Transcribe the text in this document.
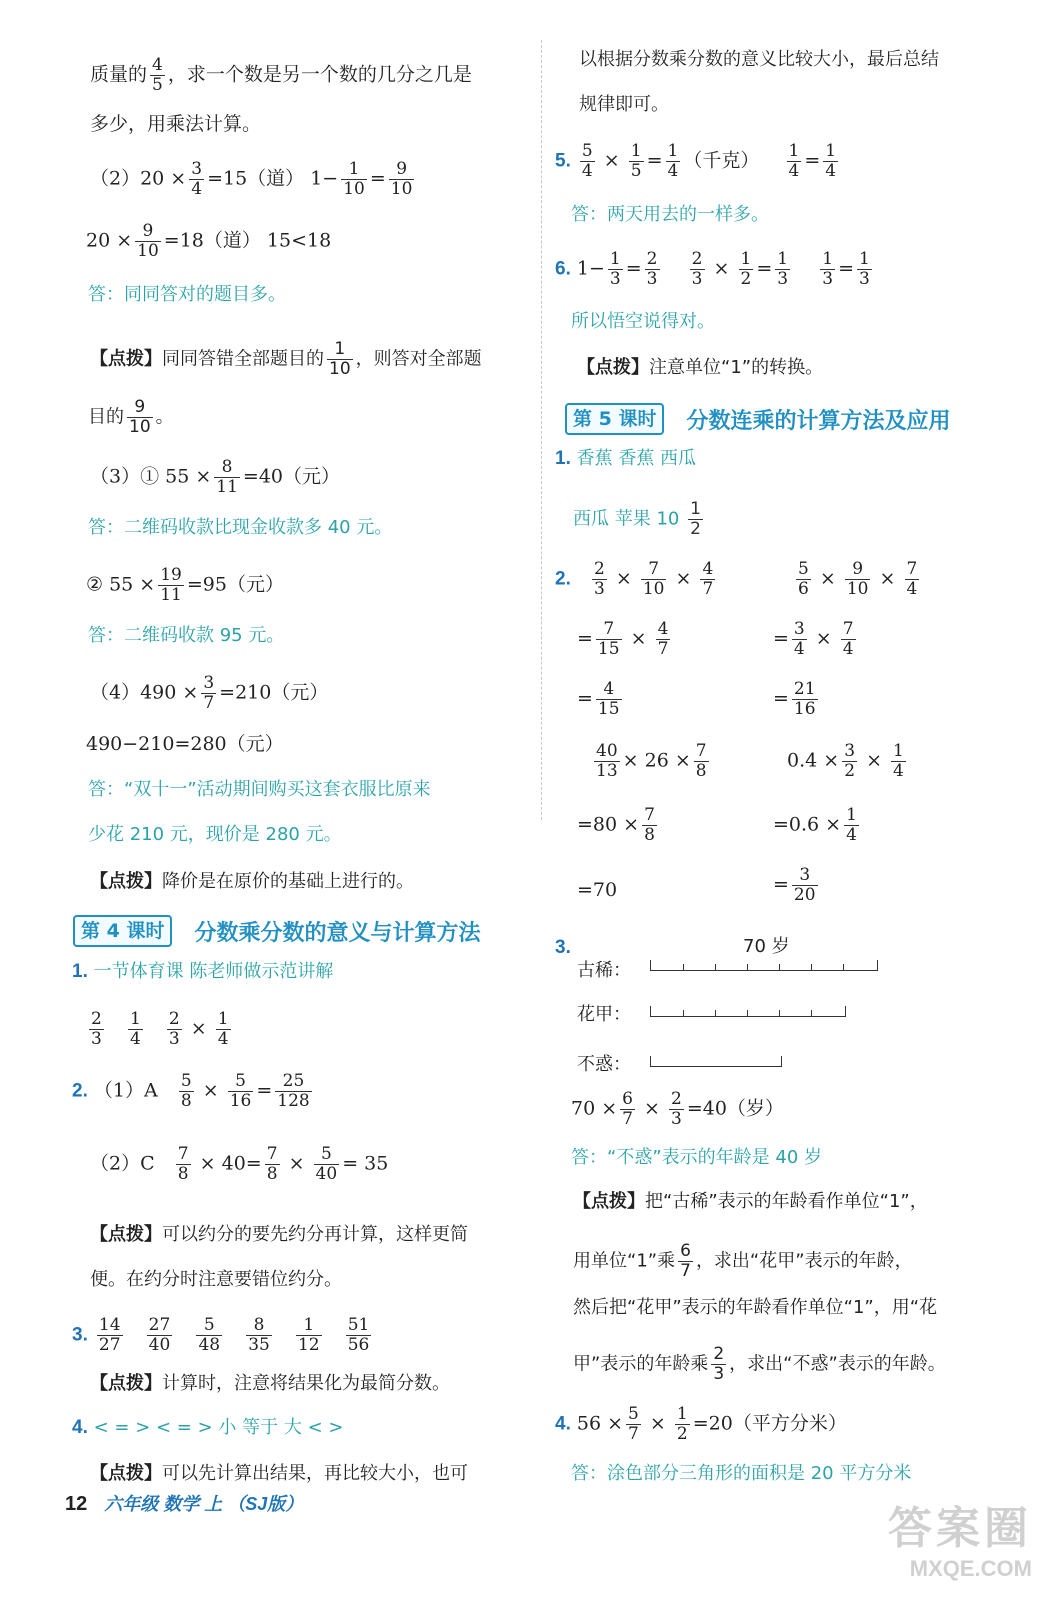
质量的 $\frac{4}{5}$ ，求一个数是另一个数的几分之几是
多少，用乘法计算。
$(2)20 \times \frac{3}{4} =15$（道） $1- \frac{1}{10} = \frac{9}{10}$
$20 \times \frac{9}{10} =18$（道） 15<18
答：同同答对的题目多。
【点拨】同同答错全部题目的 $\frac{1}{10}$ ，则答对全部题
目的 $\frac{9}{10}$ 。
（3）① $55 \times \frac{8}{11} =40$（元）
答：二维码收款比现金收款多 40 元。
② $55 \times \frac{19}{11} =95$（元）
答：二维码收款 95 元。
$(4)490 \times \frac{3}{7} =210$（元）
490−210=280（元）
答：“双十一”活动期间购买这套衣服比原来
少花 210 元，现价是 280 元。
【点拨】降价是在原价的基础上进行的。
第 4 课时	分数乘分数的意义与计算方法
1. 一节体育课 陈老师做示范讲解
$\frac{2}{3}$
$\frac{1}{4}$
$\frac{2}{3} \times \frac{1}{4}$
2. $(1)A \frac{5}{8} \times \frac{5}{16} = \frac{25}{128}$
$(2)C \frac{7}{8} \times 40= \frac{7}{8} \times \frac{5}{40} = 35$
【点拨】可以约分的要先约分再计算，这样更简
便。在约分时注意要错位约分。
3. $\frac{14}{27}$
$\frac{27}{40}$
$\frac{5}{48}$
$\frac{8}{35}$
$\frac{1}{12}$
$\frac{51}{56}$
【点拨】计算时，注意将结果化为最简分数。
4. < = > < = > 小 等于 大 < >
【点拨】可以先计算出结果，再比较大小，也可
以根据分数乘分数的意义比较大小，最后总结
规律即可。
5. $\frac{5}{4} \times \frac{1}{5} = \frac{1}{4}$ （千克） $\frac{1}{4} = \frac{1}{4}$
答：两天用去的一样多。
6. $1- \frac{1}{3} = \frac{2}{3}$
$\frac{2}{3} \times \frac{1}{2} = \frac{1}{3}$
$\frac{1}{3} = \frac{1}{3}$
所以悟空说得对。
【点拨】注意单位“1”的转换。
第 5 课时	分数连乘的计算方法及应用
1. 香蕉 香蕉 西瓜
西瓜 苹果 $10 \frac{1}{2}$
2. $\frac{2}{3} \times \frac{7}{10} \times \frac{4}{7}$
= $\frac{7}{15} \times \frac{4}{7}$
= $\frac{4}{15}$
$\frac{40}{13} \times 26 \times \frac{7}{8}$
$=80 \times \frac{7}{8}$
=70
$\frac{5}{6} \times \frac{9}{10} \times \frac{7}{4}$
= $\frac{3}{4} \times \frac{7}{4}$
= $\frac{21}{16}$
$0.4 \times \frac{3}{2} \times \frac{1}{4}$
$=0.6 \times \frac{1}{4}$
= $\frac{3}{20}$
3.	70 岁
古稀：
花甲：
不惑：
$70 \times \frac{6}{7} \times \frac{2}{3} =40$（岁）
答：“不惑”表示的年龄是 40 岁
【点拨】把“古稀”表示的年龄看作单位“1”，
用单位“1”乘 $\frac{6}{7}$ ，求出“花甲”表示的年龄，
然后把“花甲”表示的年龄看作单位“1”，用“花
甲”表示的年龄乘 $\frac{2}{3}$ ，求出“不惑”表示的年龄。
4. $56 \times \frac{5}{7} \times \frac{1}{2} =20$（平方分米）
答：涂色部分三角形的面积是 20 平方分米
12 六年级 数学 上 （SJ版）	答案圈
MXQE.COM
